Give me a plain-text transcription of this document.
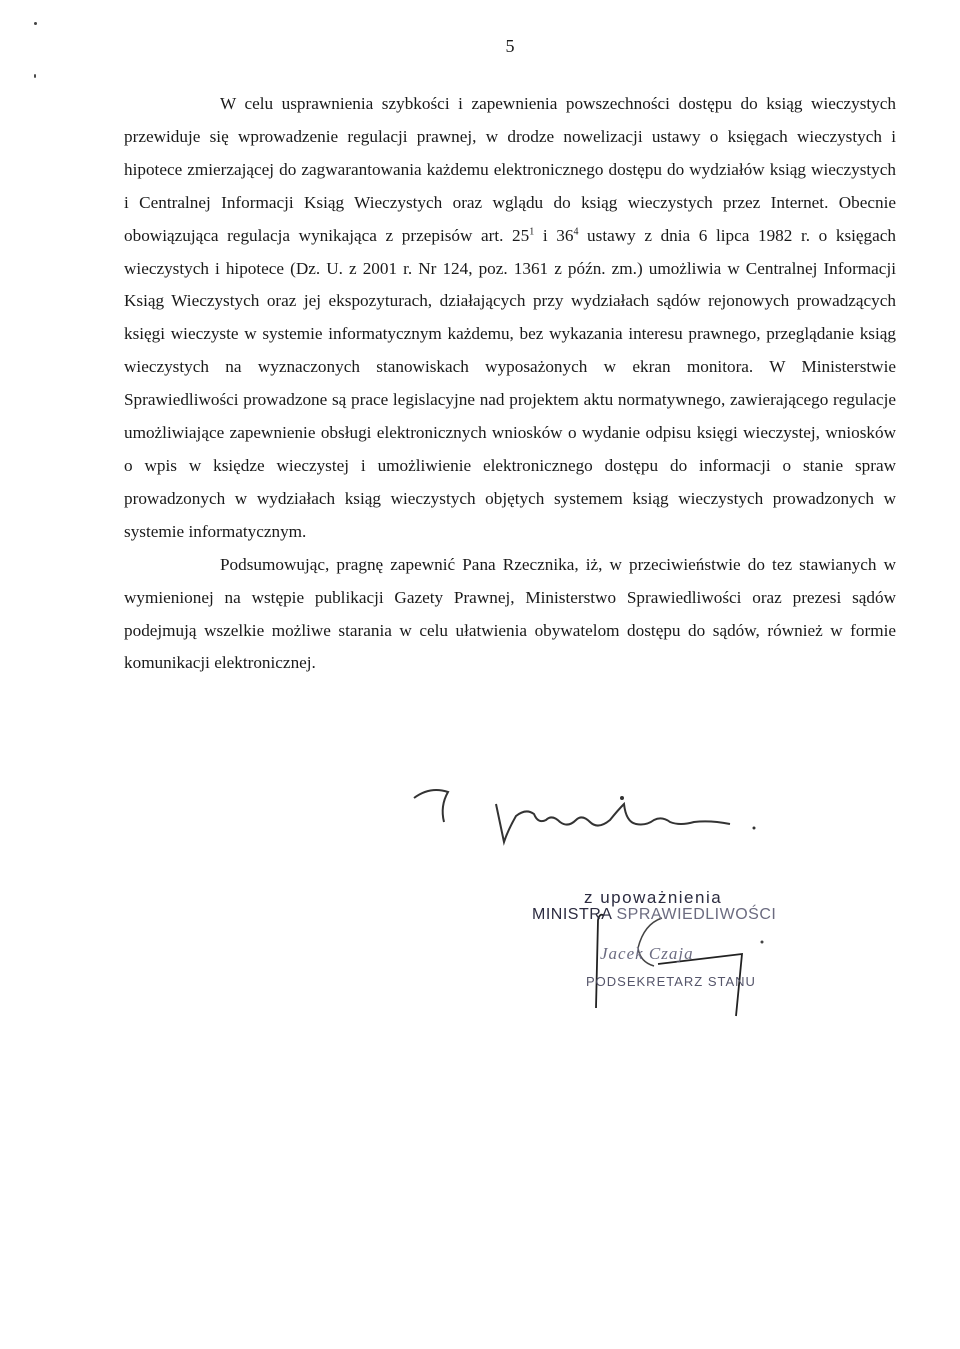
5

W celu usprawnienia szybkości i zapewnienia powszechności dostępu do ksiąg wieczystych przewiduje się wprowadzenie regulacji prawnej, w drodze nowelizacji ustawy o księgach wieczystych i hipotece zmierzającej do zagwarantowania każdemu elektronicznego dostępu do wydziałów ksiąg wieczystych i Centralnej Informacji Ksiąg Wieczystych oraz wglądu do ksiąg wieczystych przez Internet. Obecnie obowiązująca regulacja wynikająca z przepisów art. $25^1$ i $36^4$ ustawy z dnia 6 lipca 1982 r. o księgach wieczystych i hipotece (Dz. U. z 2001 r. Nr 124, poz. 1361 z późn. zm.) umożliwia w Centralnej Informacji Ksiąg Wieczystych oraz jej ekspozyturach, działających przy wydziałach sądów rejonowych prowadzących księgi wieczyste w systemie informatycznym każdemu, bez wykazania interesu prawnego, przeglądanie ksiąg wieczystych na wyznaczonych stanowiskach wyposażonych w ekran monitora. W Ministerstwie Sprawiedliwości prowadzone są prace legislacyjne nad projektem aktu normatywnego, zawierającego regulacje umożliwiające zapewnienie obsługi elektronicznych wniosków o wydanie odpisu księgi wieczystej, wniosków o wpis w księdze wieczystej i umożliwienie elektronicznego dostępu do informacji o stanie spraw prowadzonych w wydziałach ksiąg wieczystych objętych systemem ksiąg wieczystych prowadzonych w systemie informatycznym.

Podsumowując, pragnę zapewnić Pana Rzecznika, iż, w przeciwieństwie do tez stawianych w wymienionej na wstępie publikacji Gazety Prawnej, Ministerstwo Sprawiedliwości oraz prezesi sądów podejmują wszelkie możliwe starania w celu ułatwienia obywatelom dostępu do sądów, również w formie komunikacji elektronicznej.

z upoważnienia
MINISTRA SPRAWIEDLIWOŚCI
Jacek Czaja
PODSEKRETARZ STANU
